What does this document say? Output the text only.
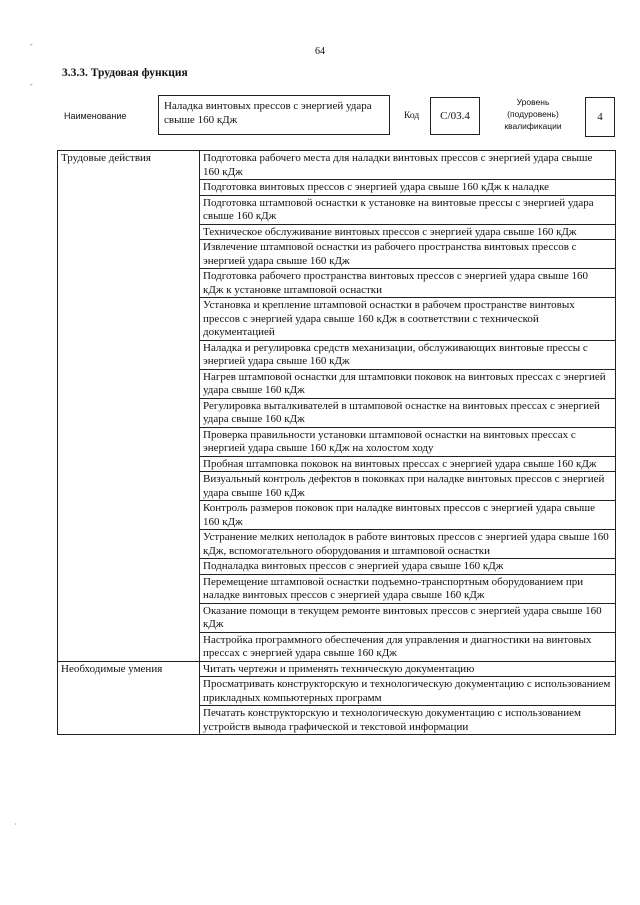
64
3.3.3. Трудовая функция
Наименование
Наладка винтовых прессов с энергией удара свыше 160 кДж	Код	С/03.4
Уровень (подуровень) квалификации
4
Трудовые действия	Подготовка рабочего места для наладки винтовых прессов с энергией удара свыше 160 кДж
	Подготовка винтовых прессов с энергией удара свыше 160 кДж к наладке
	Подготовка штамповой оснастки к установке на винтовые прессы с энергией удара свыше 160 кДж
	Техническое обслуживание винтовых прессов с энергией удара свыше 160 кДж
	Извлечение штамповой оснастки из рабочего пространства винтовых прессов с энергией удара свыше 160 кДж
	Подготовка рабочего пространства винтовых прессов с энергией удара свыше 160 кДж к установке штамповой оснастки
	Установка и крепление штамповой оснастки в рабочем пространстве винтовых прессов с энергией удара свыше 160 кДж в соответствии с технической документацией
	Наладка и регулировка средств механизации, обслуживающих винтовые прессы с энергией удара свыше 160 кДж
	Нагрев штамповой оснастки для штамповки поковок на винтовых прессах с энергией удара свыше 160 кДж
	Регулировка выталкивателей в штамповой оснастке на винтовых прессах с энергией удара свыше 160 кДж
	Проверка правильности установки штамповой оснастки на винтовых прессах с энергией удара свыше 160 кДж на холостом ходу
	Пробная штамповка поковок на винтовых прессах с энергией удара свыше 160 кДж
	Визуальный контроль дефектов в поковках при наладке винтовых прессов с энергией удара свыше 160 кДж
	Контроль размеров поковок при наладке винтовых прессов с энергией удара свыше 160 кДж
	Устранение мелких неполадок в работе винтовых прессов с энергией удара свыше 160 кДж, вспомогательного оборудования и штамповой оснастки
	Подналадка винтовых прессов с энергией удара свыше 160 кДж
	Перемещение штамповой оснастки подъемно-транспортным оборудованием при наладке винтовых прессов с энергией удара свыше 160 кДж
	Оказание помощи в текущем ремонте винтовых прессов с энергией удара свыше 160 кДж
	Настройка программного обеспечения для управления и диагностики на винтовых прессах с энергией удара свыше 160 кДж
Необходимые умения	Читать чертежи и применять техническую документацию
	Просматривать конструкторскую и технологическую документацию с использованием прикладных компьютерных программ
	Печатать конструкторскую и технологическую документацию с использованием устройств вывода графической и текстовой информации
-
-
·
